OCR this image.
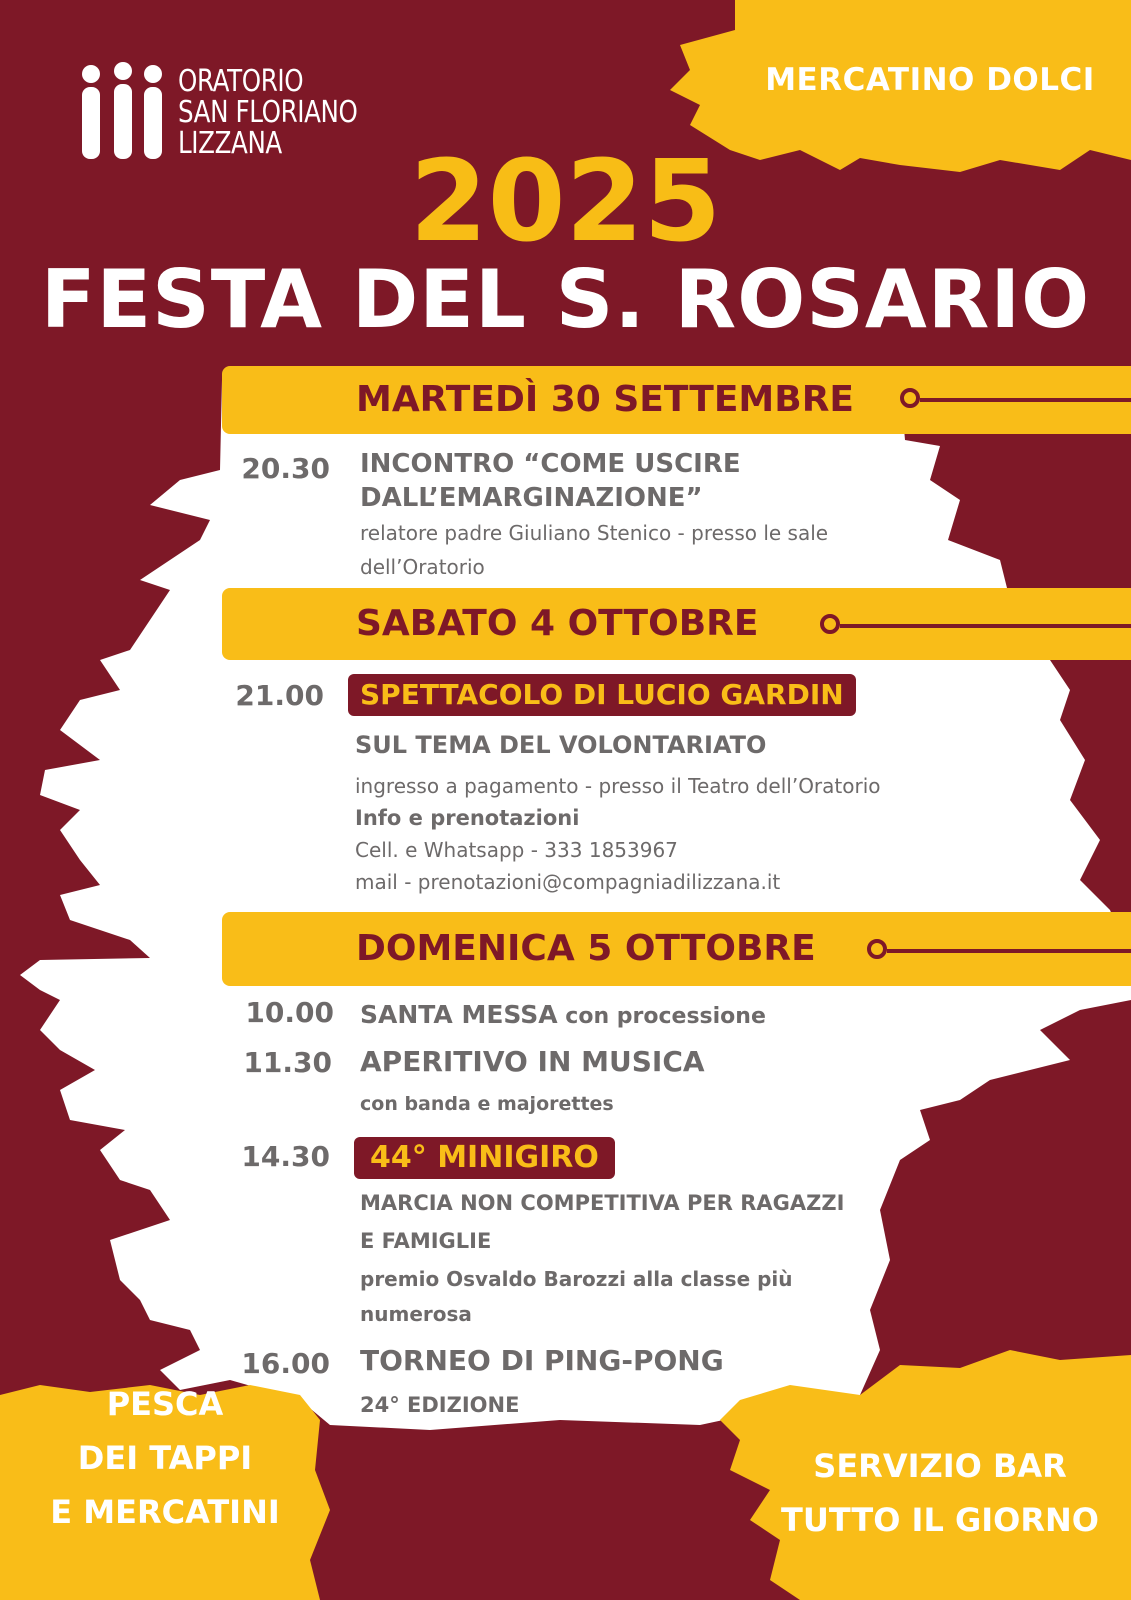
ORATORIO
SAN FLORIANO
LIZZANA
MERCATINO DOLCI
2025
FESTA DEL S. ROSARIO
MARTEDÌ 30 SETTEMBRE
20.30 INCONTRO “COME USCIRE
DALL’EMARGINAZIONE”
relatore padre Giuliano Stenico - presso le sale
dell’Oratorio
SABATO 4 OTTOBRE
21.00	SPETTACOLO DI LUCIO GARDIN
SUL TEMA DEL VOLONTARIATO
ingresso a pagamento - presso il Teatro dell’Oratorio
Info e prenotazioni
Cell. e Whatsapp - 333 1853967
mail - prenotazioni@compagniadilizzana.it
DOMENICA 5 OTTOBRE
10.00 SANTA MESSA con processione
11.30 APERITIVO IN MUSICA
con banda e majorettes
14.30	44° MINIGIRO
MARCIA NON COMPETITIVA PER RAGAZZI
E FAMIGLIE
premio Osvaldo Barozzi alla classe più
numerosa
16.00 TORNEO DI PING-PONG
24° EDIZIONE
PESCA
DEI TAPPI
E MERCATINI
SERVIZIO BAR
TUTTO IL GIORNO
